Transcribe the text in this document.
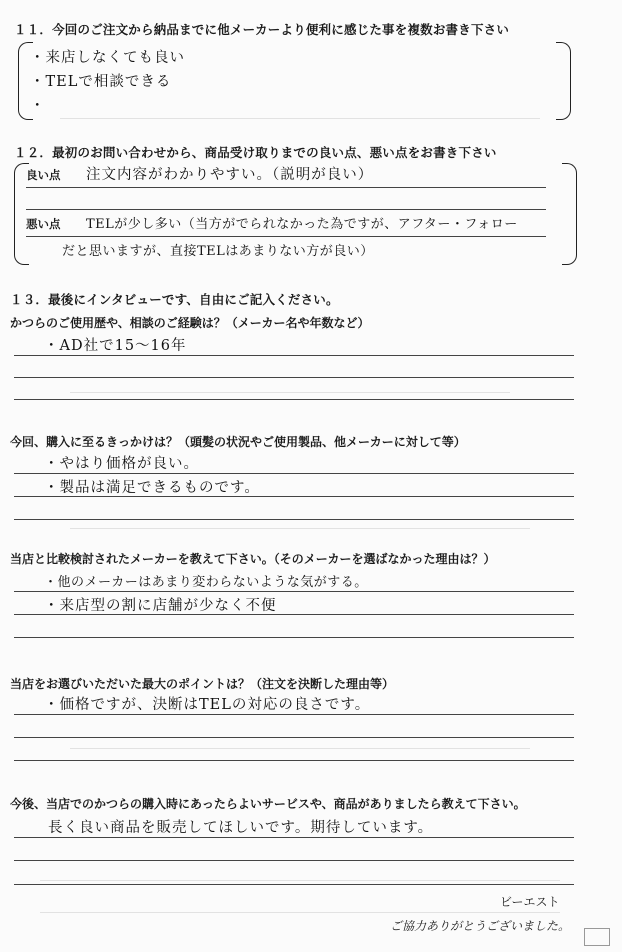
１１．今回のご注文から納品までに他メーカーより便利に感じた事を複数お書き下さい
・来店しなくても良い
・TELで相談できる
・
１２．最初のお問い合わせから、商品受け取りまでの良い点、悪い点をお書き下さい
良い点 注文内容がわかりやすい。（説明が良い）
悪い点 TELが少し多い（当方がでられなかった為ですが、アフター・フォロー
だと思いますが、直接TELはあまりない方が良い）
１３．最後にインタビューです、自由にご記入ください。
かつらのご使用歴や、相談のご経験は？（メーカー名や年数など）
・AD社で15〜16年
今回、購入に至るきっかけは？（頭髪の状況やご使用製品、他メーカーに対して等）
・やはり価格が良い。
・製品は満足できるものです。
当店と比較検討されたメーカーを教えて下さい。（そのメーカーを選ばなかった理由は？）
・他のメーカーはあまり変わらないような気がする。
・来店型の割に店舗が少なく不便
当店をお選びいただいた最大のポイントは？（注文を決断した理由等）
・価格ですが、決断はTELの対応の良さです。
今後、当店でのかつらの購入時にあったらよいサービスや、商品がありましたら教えて下さい。
長く良い商品を販売してほしいです。期待しています。
ビーエスト
ご協力ありがとうございました。
